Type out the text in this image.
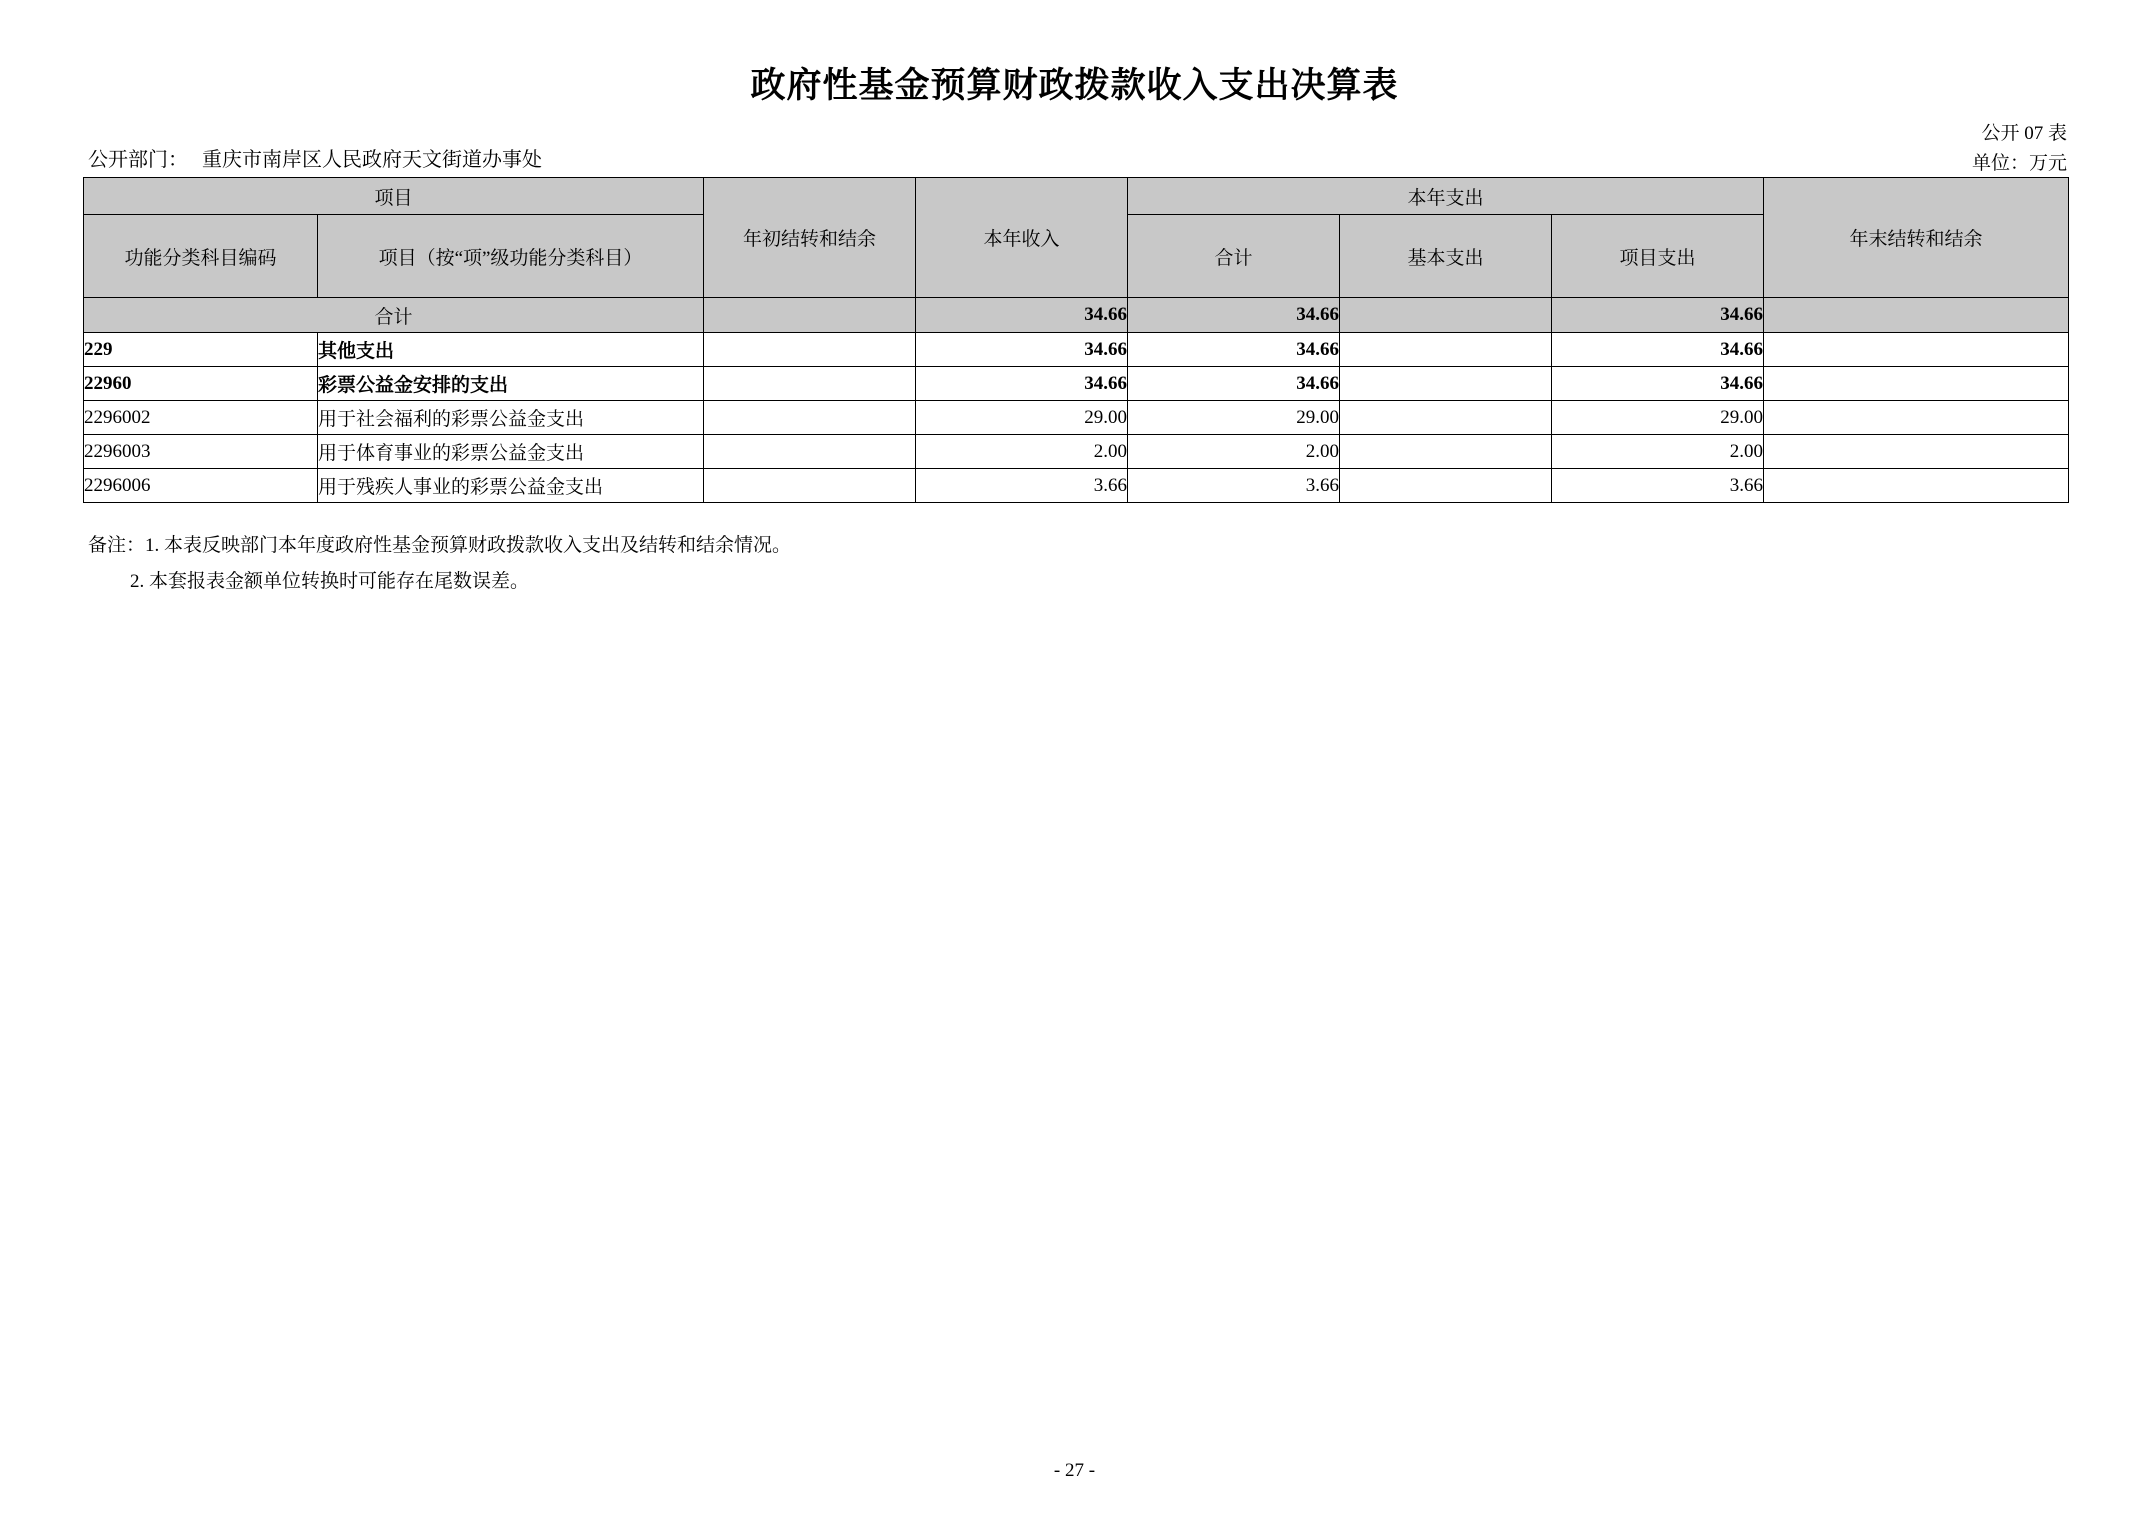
政府性基金预算财政拨款收入支出决算表
公开 07 表
单位：万元
公开部门： 重庆市南岸区人民政府天文街道办事处
项目		年初结转和结余	本年收入	本年支出			年末结转和结余
功能分类科目编码	项目（按“项”级功能分类科目）			合计	基本支出	项目支出	
合计			34.66	34.66		34.66	
229	其他支出		34.66	34.66		34.66	
22960	彩票公益金安排的支出		34.66	34.66		34.66	
2296002	用于社会福利的彩票公益金支出		29.00	29.00		29.00	
2296003	用于体育事业的彩票公益金支出		2.00	2.00		2.00	
2296006	用于残疾人事业的彩票公益金支出		3.66	3.66		3.66	
备注：1. 本表反映部门本年度政府性基金预算财政拨款收入支出及结转和结余情况。
2. 本套报表金额单位转换时可能存在尾数误差。
- 27 -
